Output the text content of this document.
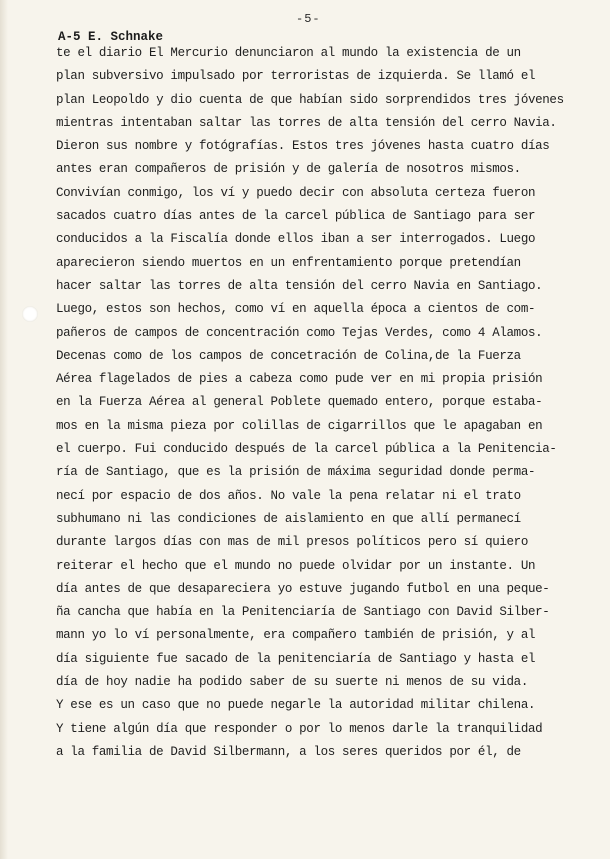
-5-
A-5 E. Schnake
te el diario El Mercurio denunciaron al mundo la existencia de un
plan subversivo impulsado por terroristas de izquierda. Se llamó el
plan Leopoldo y dio cuenta de que habían sido sorprendidos tres jóvenes
mientras intentaban saltar las torres de alta tensión del cerro Navia.
Dieron sus nombre y fotógrafías. Estos tres jóvenes hasta cuatro días
antes eran compañeros de prisión y de galería de nosotros mismos.
Convivían conmigo, los ví y puedo decir con absoluta certeza fueron
sacados cuatro días antes de la carcel pública de Santiago para ser
conducidos a la Fiscalía donde ellos iban a ser interrogados. Luego
aparecieron siendo muertos en un enfrentamiento porque pretendían
hacer saltar las torres de alta tensión del cerro Navia en Santiago.
Luego, estos son hechos, como ví en aquella época a cientos de com-
pañeros de campos de concentración como Tejas Verdes, como 4 Alamos.
Decenas como de los campos de concetración de Colina,de la Fuerza
Aérea flagelados de pies a cabeza como pude ver en mi propia prisión
en la Fuerza Aérea al general Poblete quemado entero, porque estaba-
mos en la misma pieza por colillas de cigarrillos que le apagaban en
el cuerpo. Fui conducido después de la carcel pública a la Penitencia-
ría de Santiago, que es la prisión de máxima seguridad donde perma-
necí por espacio de dos años. No vale la pena relatar ni el trato
subhumano ni las condiciones de aislamiento en que allí permanecí
durante largos días con mas de mil presos políticos pero sí quiero
reiterar el hecho que el mundo no puede olvidar por un instante. Un
día antes de que desapareciera yo estuve jugando futbol en una peque-
ña cancha que había en la Penitenciaría de Santiago con David Silber-
mann yo lo ví personalmente, era compañero también de prisión, y al
día siguiente fue sacado de la penitenciaría de Santiago y hasta el
día de hoy nadie ha podido saber de su suerte ni menos de su vida.
Y ese es un caso que no puede negarle la autoridad militar chilena.
Y tiene algún día que responder o por lo menos darle la tranquilidad
a la familia de David Silbermann, a los seres queridos por él, de
